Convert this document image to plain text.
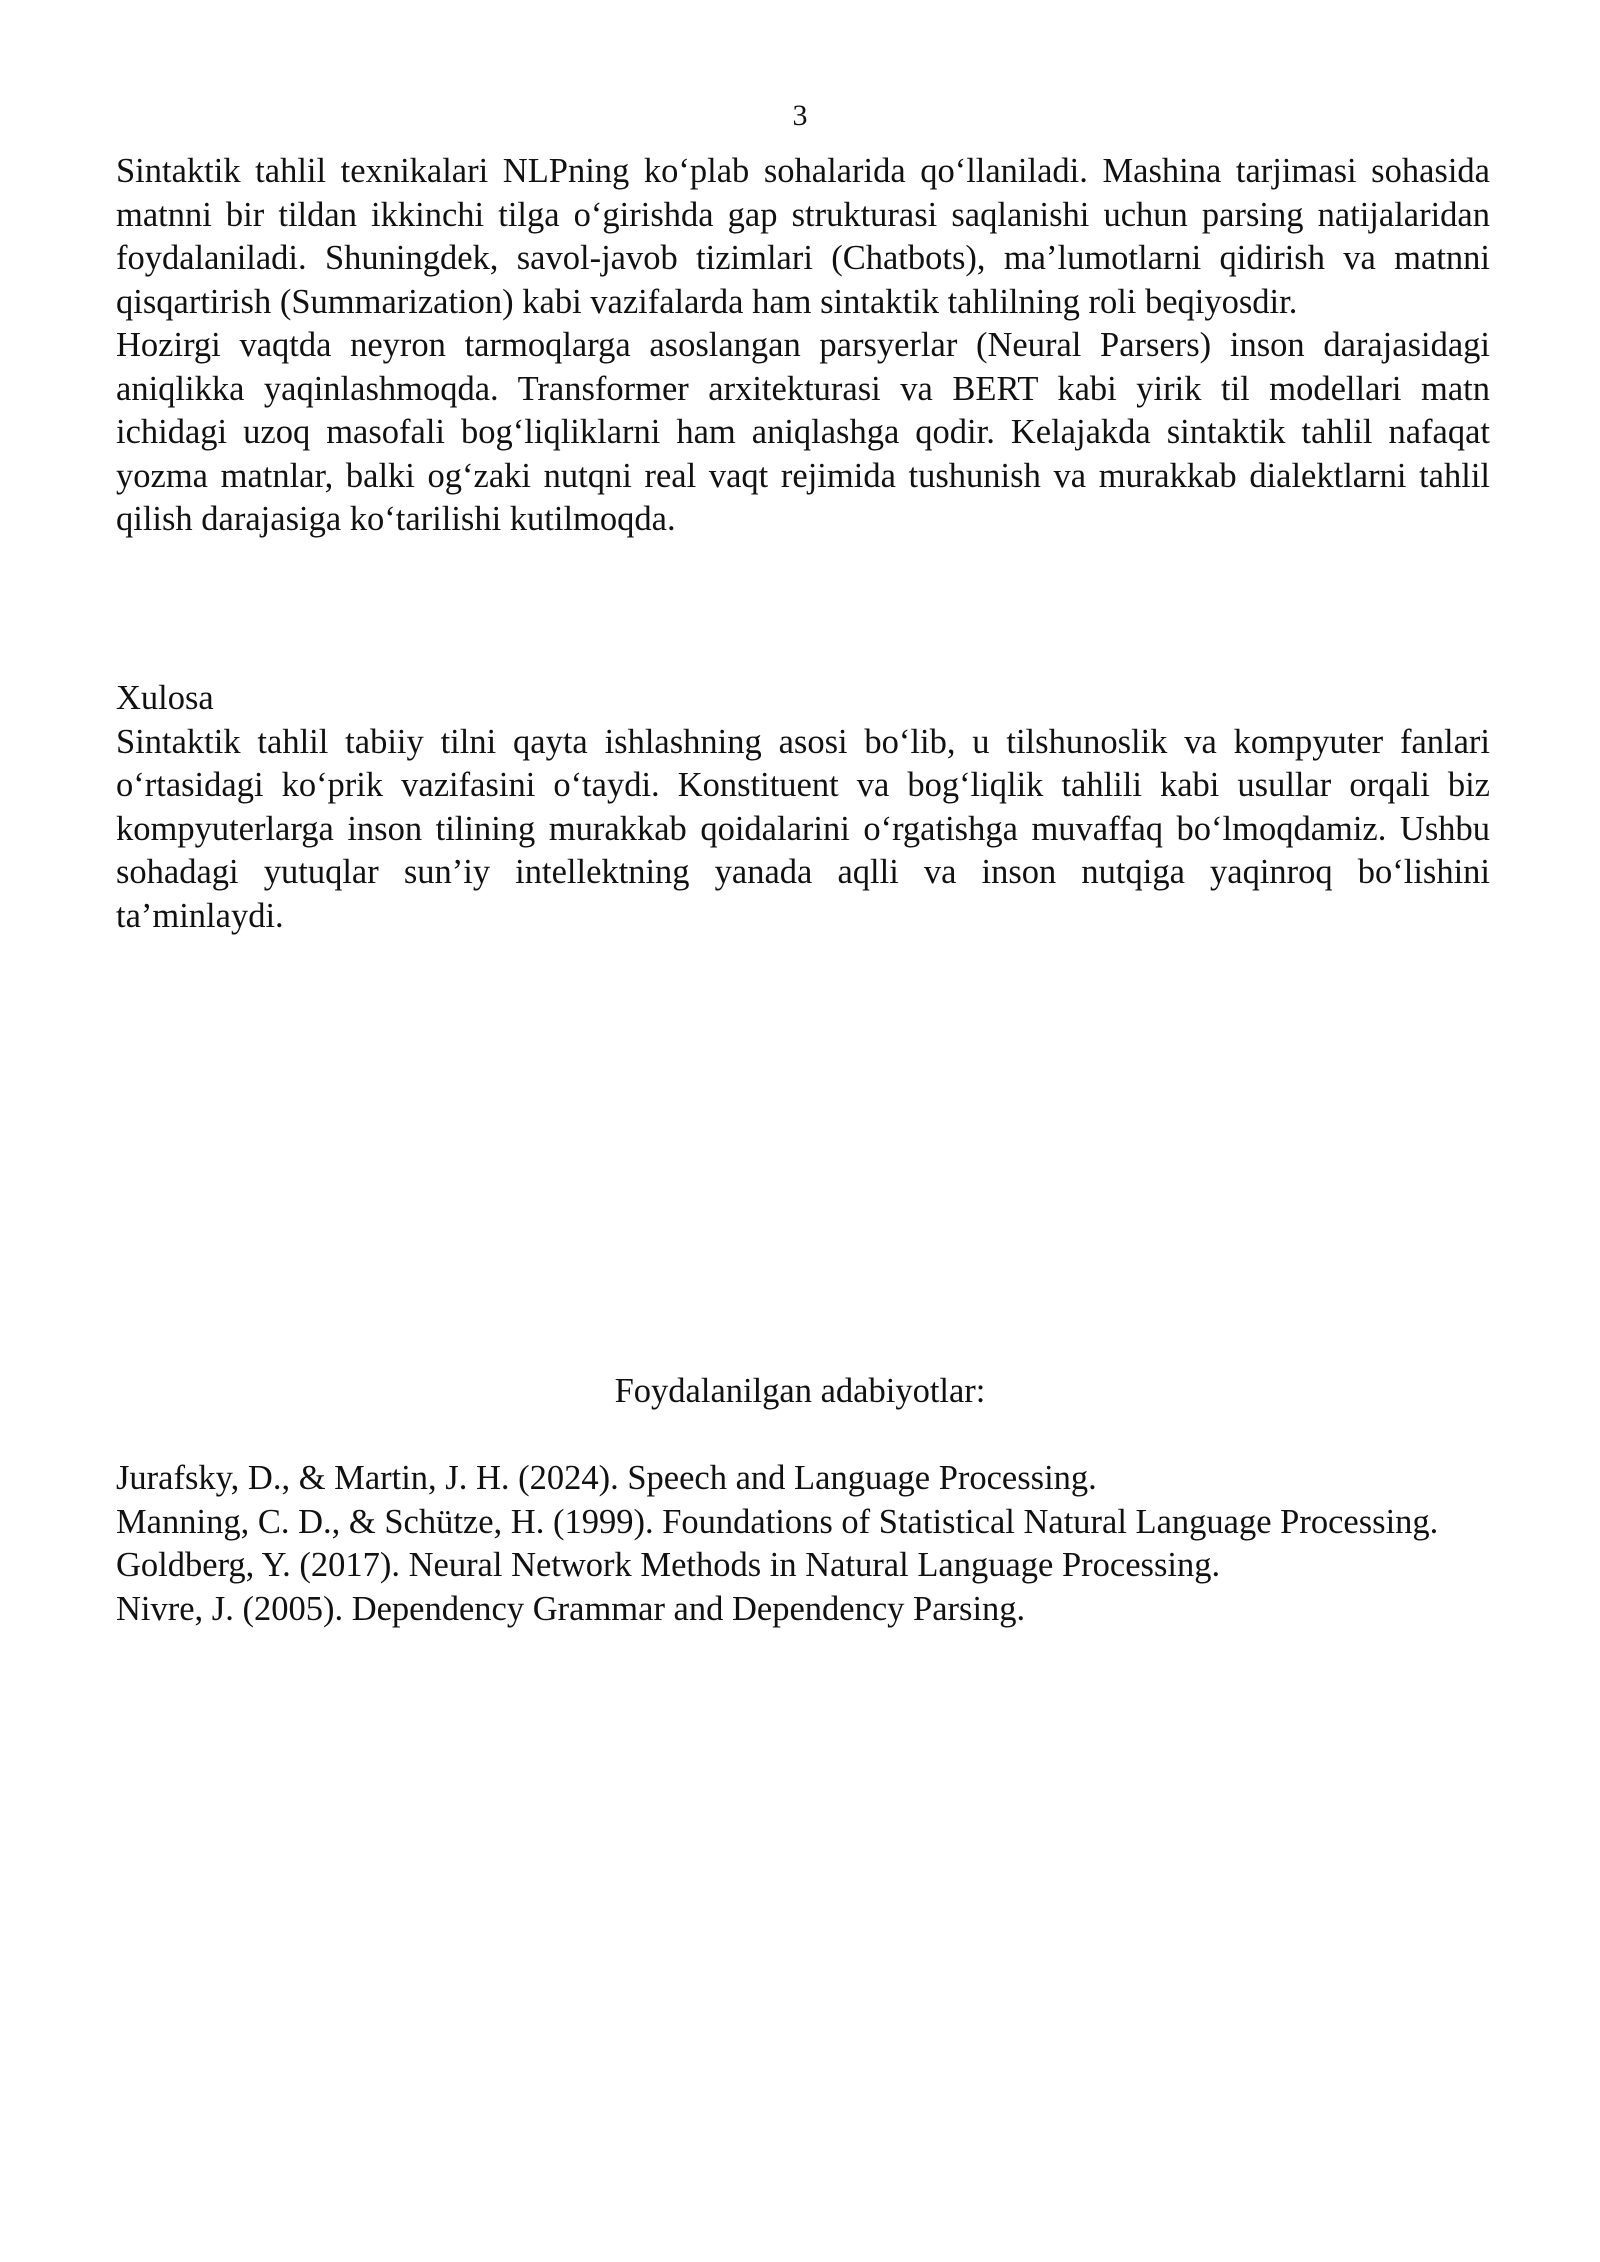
3

Sintaktik tahlil texnikalari NLPning ko‘plab sohalarida qo‘llaniladi. Mashina tarjimasi sohasida matnni bir tildan ikkinchi tilga o‘girishda gap strukturasi saqlanishi uchun parsing natijalaridan foydalaniladi. Shuningdek, savol-javob tizimlari (Chatbots), ma’lumotlarni qidirish va matnni qisqartirish (Summarization) kabi vazifalarda ham sintaktik tahlilning roli beqiyosdir.

Hozirgi vaqtda neyron tarmoqlarga asoslangan parsyerlar (Neural Parsers) inson darajasidagi aniqlikka yaqinlashmoqda. Transformer arxitekturasi va BERT kabi yirik til modellari matn ichidagi uzoq masofali bog‘liqliklarni ham aniqlashga qodir. Kelajakda sintaktik tahlil nafaqat yozma matnlar, balki og‘zaki nutqni real vaqt rejimida tushunish va murakkab dialektlarni tahlil qilish darajasiga ko‘tarilishi kutilmoqda.

Xulosa

Sintaktik tahlil tabiiy tilni qayta ishlashning asosi bo‘lib, u tilshunoslik va kompyuter fanlari o‘rtasidagi ko‘prik vazifasini o‘taydi. Konstituent va bog‘liqlik tahlili kabi usullar orqali biz kompyuterlarga inson tilining murakkab qoidalarini o‘rgatishga muvaffaq bo‘lmoqdamiz. Ushbu sohadagi yutuqlar sun’iy intellektning yanada aqlli va inson nutqiga yaqinroq bo‘lishini ta’minlaydi.

Foydalanilgan adabiyotlar:

Jurafsky, D., & Martin, J. H. (2024). Speech and Language Processing.

Manning, C. D., & Schütze, H. (1999). Foundations of Statistical Natural Language Processing.

Goldberg, Y. (2017). Neural Network Methods in Natural Language Processing.

Nivre, J. (2005). Dependency Grammar and Dependency Parsing.
